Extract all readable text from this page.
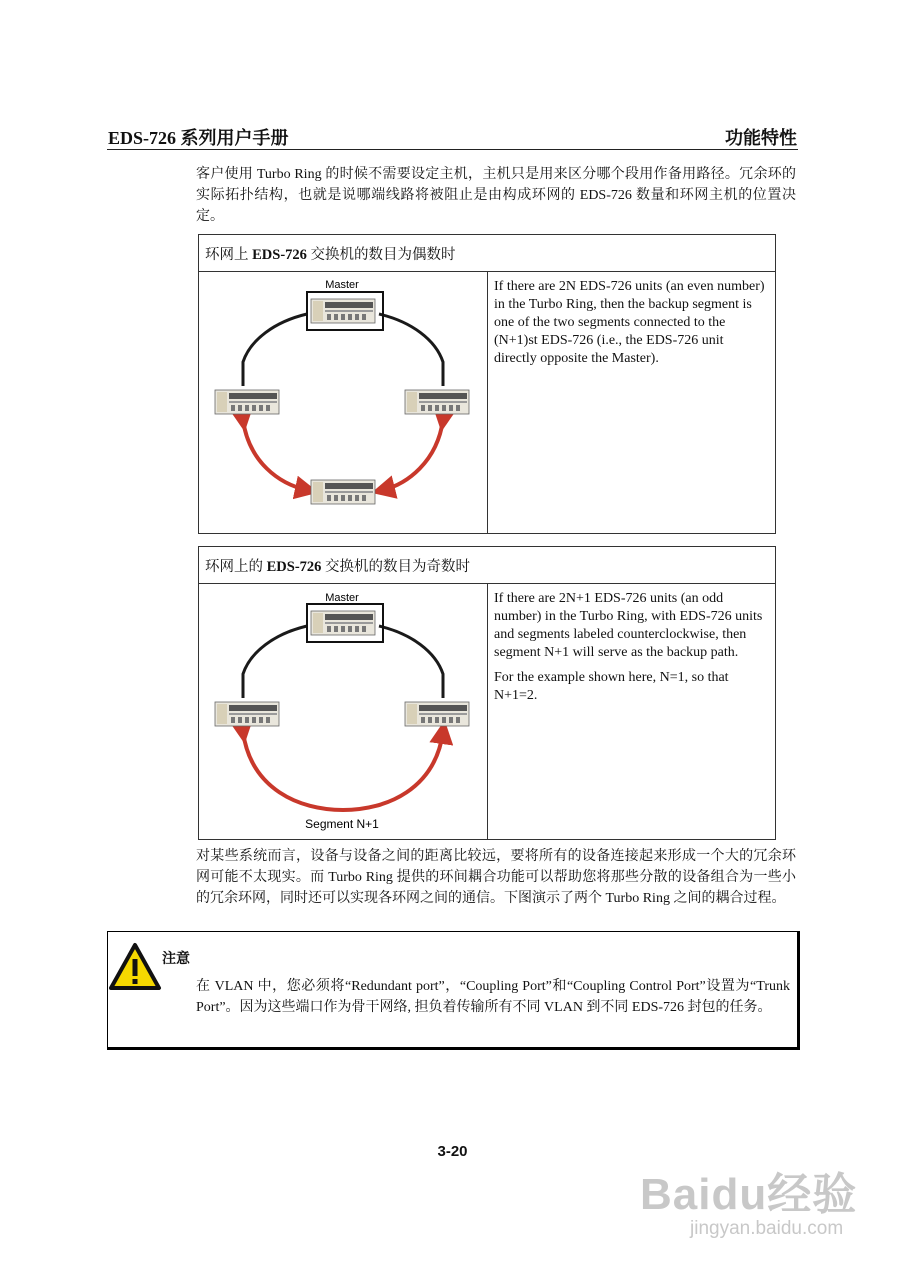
EDS-726 系列用户手册	功能特性
客户使用 Turbo Ring 的时候不需要设定主机，主机只是用来区分哪个段用作备用路径。冗余环的实际拓扑结构，也就是说哪端线路将被阻止是由构成环网的 EDS-726 数量和环网主机的位置决定。
环网上 EDS-726 交换机的数目为偶数时

Master	If there are 2N EDS-726 units (an even number) in the Turbo Ring, then the backup segment is one of the two segments connected to the (N+1)st EDS-726 (i.e., the EDS-726 unit directly opposite the Master).

环网上的 EDS-726 交换机的数目为奇数时

Master
Segment N+1

If there are 2N+1 EDS-726 units (an odd number) in the Turbo Ring, with EDS-726 units and segments labeled counterclockwise, then segment N+1 will serve as the backup path.

For the example shown here, N=1, so that N+1=2.

对某些系统而言，设备与设备之间的距离比较远，要将所有的设备连接起来形成一个大的冗余环网可能不太现实。而 Turbo Ring 提供的环间耦合功能可以帮助您将那些分散的设备组合为一些小的冗余环网，同时还可以实现各环网之间的通信。下图演示了两个 Turbo Ring 之间的耦合过程。
注意
在 VLAN 中，您必须将“Redundant port”，“Coupling Port”和“Coupling Control Port”设置为“Trunk Port”。因为这些端口作为骨干网络, 担负着传输所有不同 VLAN 到不同 EDS-726 封包的任务。
3-20
Baidu经验
jingyan.baidu.com
